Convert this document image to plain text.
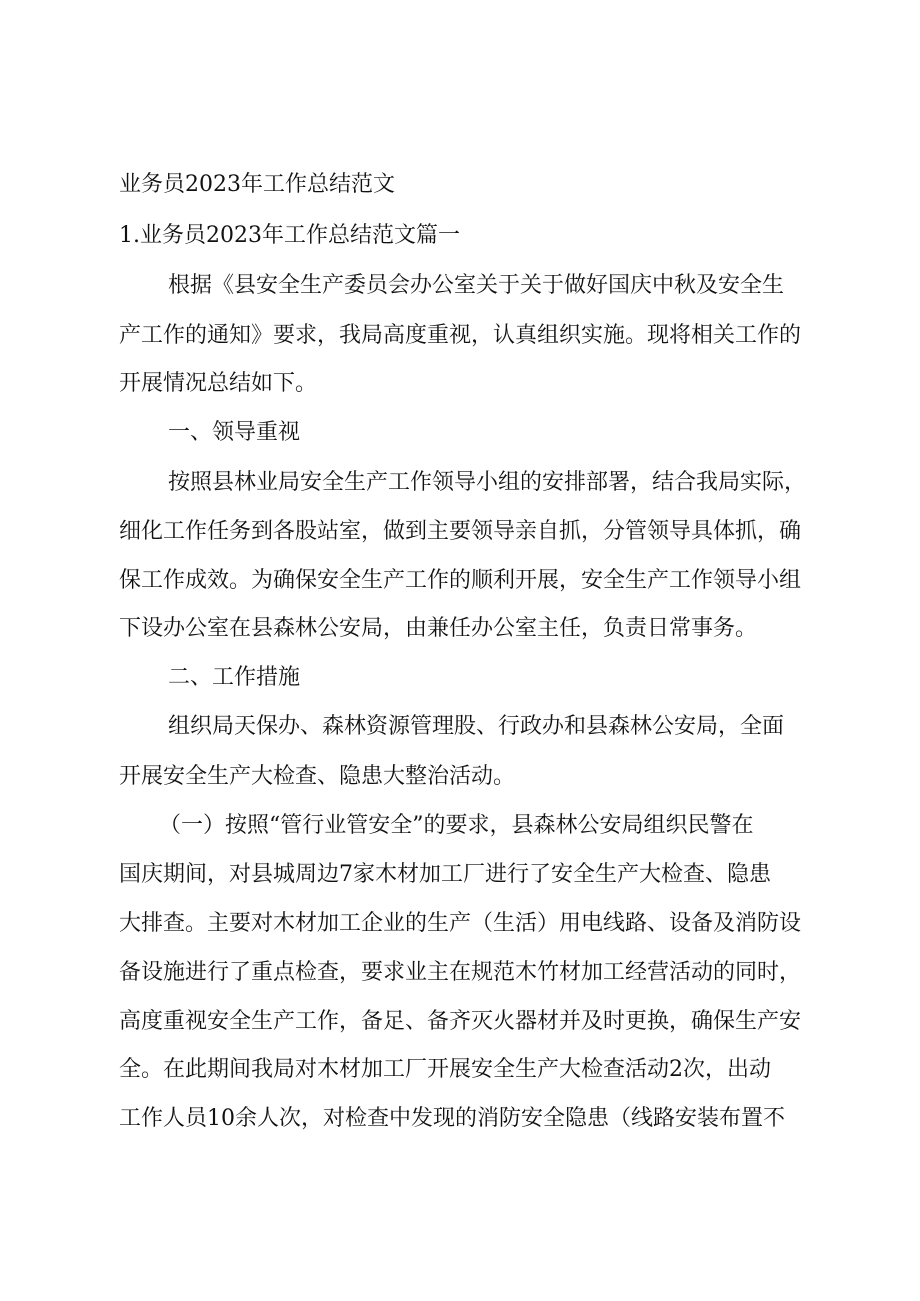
业务员2023年工作总结范文
1.业务员2023年工作总结范文篇一
根据《县安全生产委员会办公室关于关于做好国庆中秋及安全生
产工作的通知》要求，我局高度重视，认真组织实施。现将相关工作的
开展情况总结如下。
一、领导重视
按照县林业局安全生产工作领导小组的安排部署，结合我局实际，
细化工作任务到各股站室，做到主要领导亲自抓，分管领导具体抓，确
保工作成效。为确保安全生产工作的顺利开展，安全生产工作领导小组
下设办公室在县森林公安局，由兼任办公室主任，负责日常事务。
二、工作措施
组织局天保办、森林资源管理股、行政办和县森林公安局，全面
开展安全生产大检查、隐患大整治活动。
（一）按照“管行业管安全”的要求，县森林公安局组织民警在
国庆期间，对县城周边7家木材加工厂进行了安全生产大检查、隐患
大排查。主要对木材加工企业的生产（生活）用电线路、设备及消防设
备设施进行了重点检查，要求业主在规范木竹材加工经营活动的同时，
高度重视安全生产工作，备足、备齐灭火器材并及时更换，确保生产安
全。在此期间我局对木材加工厂开展安全生产大检查活动2次，出动
工作人员10余人次，对检查中发现的消防安全隐患（线路安装布置不
